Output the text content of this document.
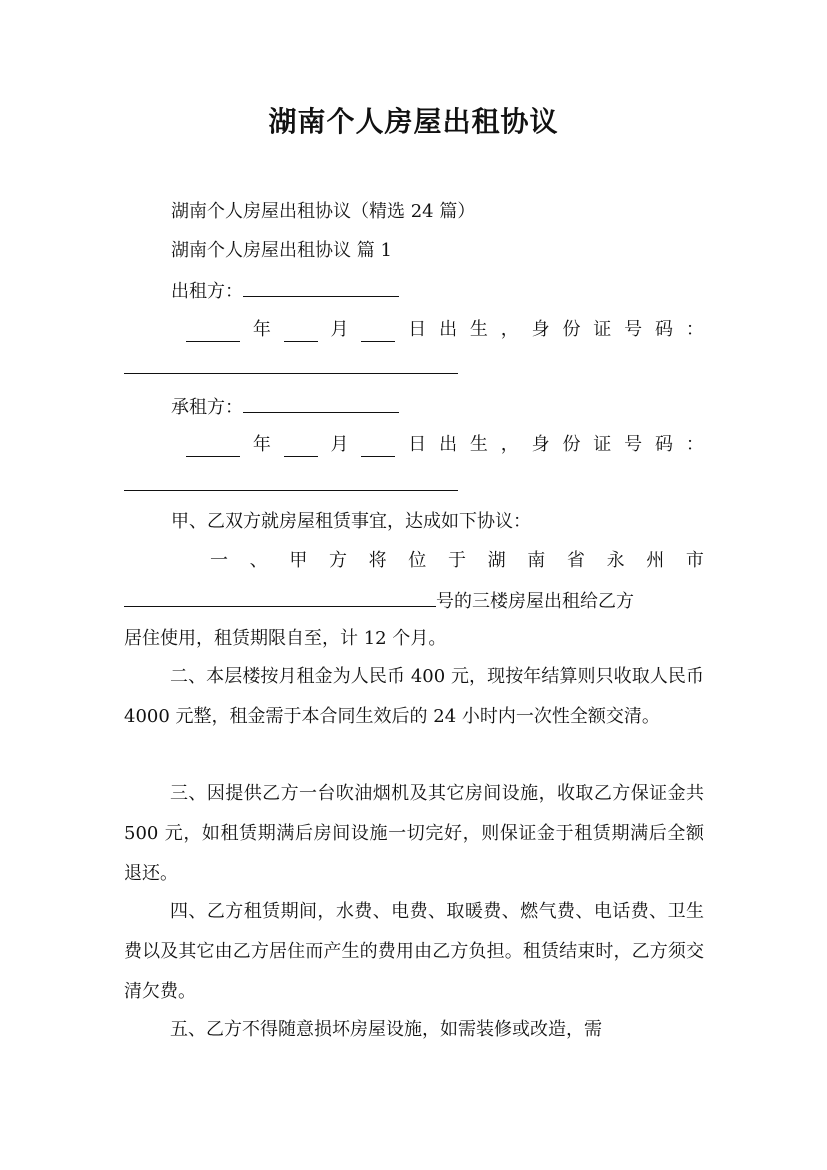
湖南个人房屋出租协议
湖南个人房屋出租协议（精选 24 篇）
湖南个人房屋出租协议 篇 1
出租方：
年	月	日 出 生 ， 身 份 证 号 码 ：
承租方：
年	月	日 出 生 ， 身 份 证 号 码 ：
甲、乙双方就房屋租赁事宜，达成如下协议：
一 、 甲 方 将 位 于 湖 南 省 永 州 市
号的三楼房屋出租给乙方
居住使用，租赁期限自至，计 12 个月。
二、本层楼按月租金为人民币 400 元，现按年结算则只收取人民币 4000 元整，租金需于本合同生效后的 24 小时内一次性全额交清。
三、因提供乙方一台吹油烟机及其它房间设施，收取乙方保证金共 500 元，如租赁期满后房间设施一切完好，则保证金于租赁期满后全额退还。
四、乙方租赁期间，水费、电费、取暖费、燃气费、电话费、卫生费以及其它由乙方居住而产生的费用由乙方负担。租赁结束时，乙方须交清欠费。
五、乙方不得随意损坏房屋设施，如需装修或改造，需
